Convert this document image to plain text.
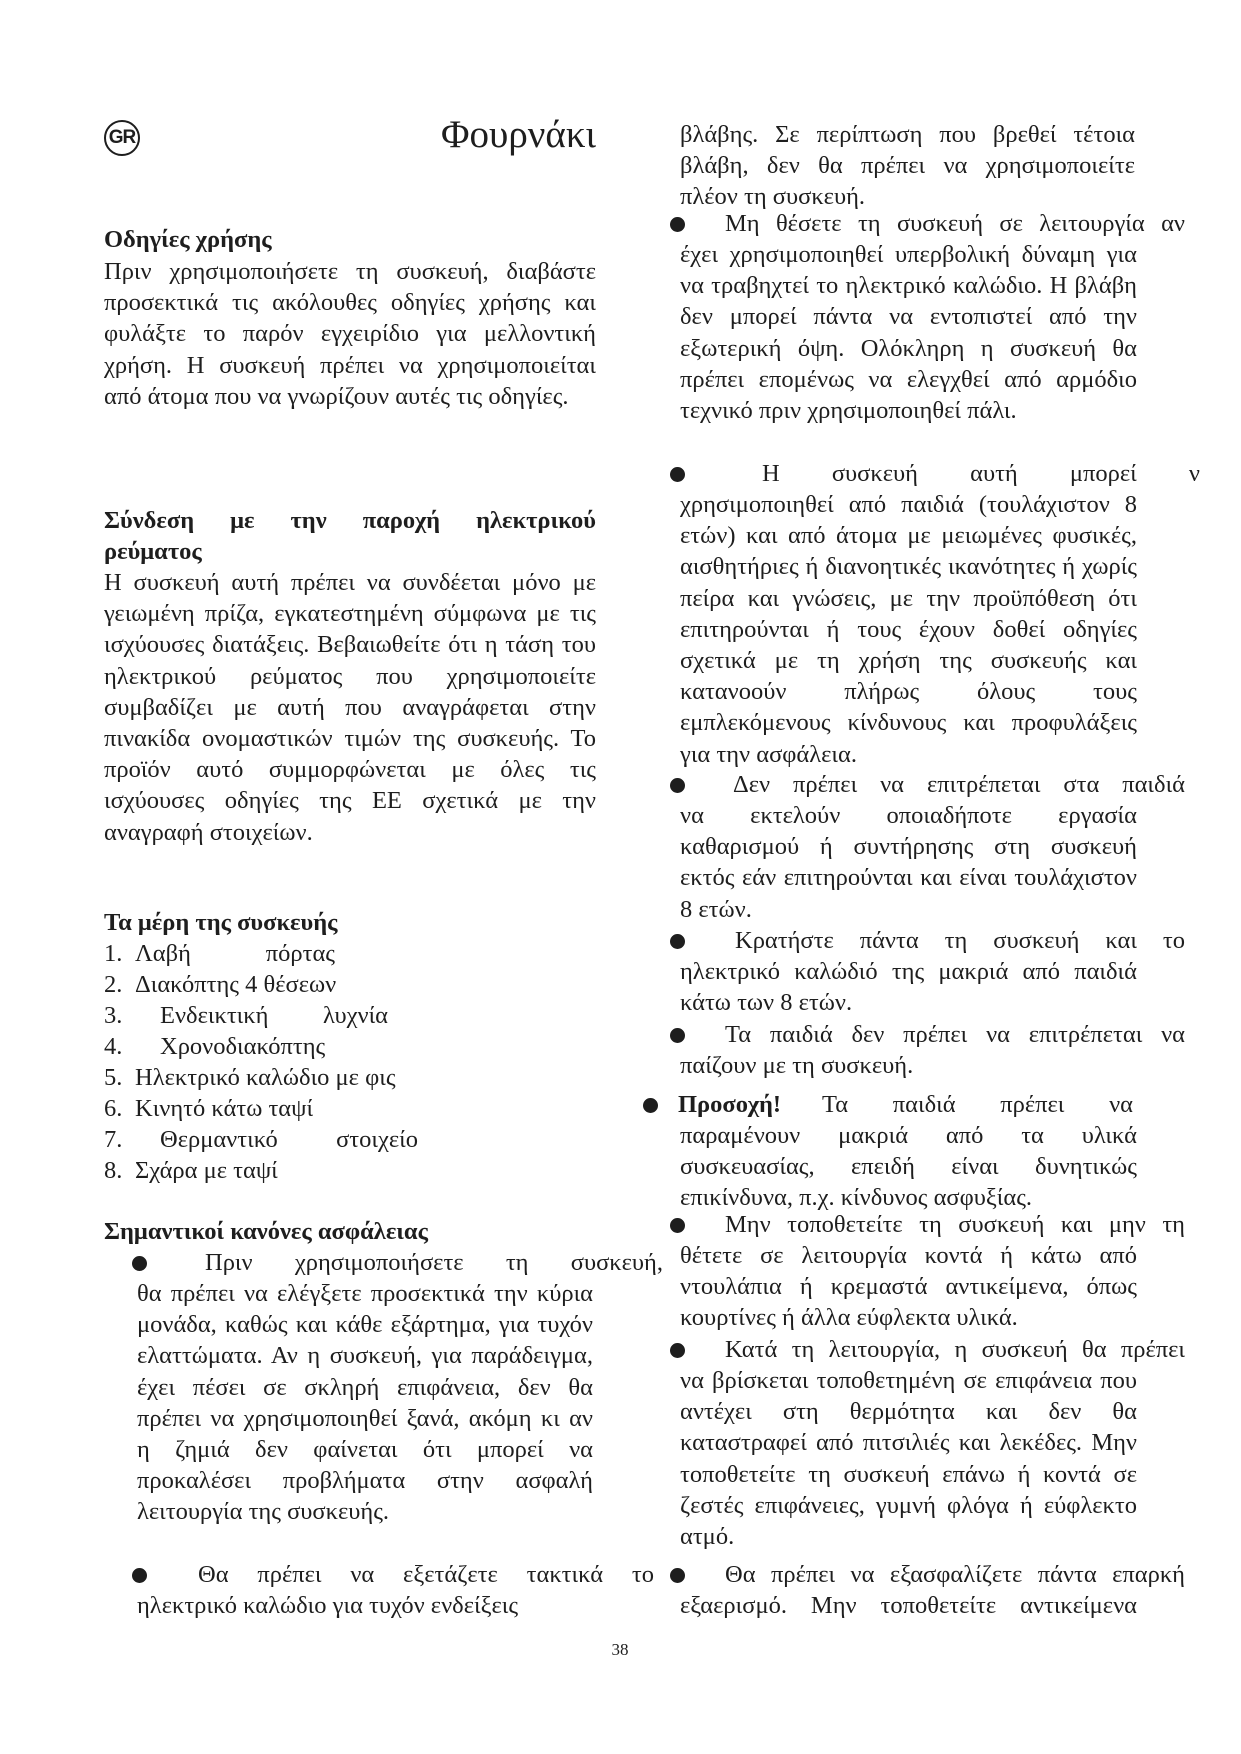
GR	Φουρνάκι
Οδηγίες χρήσης
Πριν χρησιμοποιήσετε τη συσκευή, διαβάστε προσεκτικά τις ακόλουθες οδηγίες χρήσης και φυλάξτε το παρόν εγχειρίδιο για μελλοντική χρήση. Η συσκευή πρέπει να χρησιμοποιείται από άτομα που να γνωρίζουν αυτές τις οδηγίες.
Σύνδεση με την παροχή ηλεκτρικού
ρεύματος
Η συσκευή αυτή πρέπει να συνδέεται μόνο με γειωμένη πρίζα, εγκατεστημένη σύμφωνα με τις ισχύουσες διατάξεις. Βεβαιωθείτε ότι η τάση του ηλεκτρικού ρεύματος που χρησιμοποιείτε συμβαδίζει με αυτή που αναγράφεται στην πινακίδα ονομαστικών τιμών της συσκευής. Το προϊόν αυτό συμμορφώνεται με όλες τις ισχύουσες οδηγίες της ΕΕ σχετικά με την αναγραφή στοιχείων.
Τα μέρη της συσκευής
1. Λαβή πόρτας
2. Διακόπτης 4 θέσεων
3. Ενδεικτική λυχνία
4. Χρονοδιακόπτης
5. Ηλεκτρικό καλώδιο με φις
6. Κινητό κάτω ταψί
7. Θερμαντικό στοιχείο
8. Σχάρα με ταψί
Σημαντικοί κανόνες ασφάλειας
Πριν χρησιμοποιήσετε τη συσκευή,
θα πρέπει να ελέγξετε προσεκτικά την κύρια μονάδα, καθώς και κάθε εξάρτημα, για τυχόν ελαττώματα. Αν η συσκευή, για παράδειγμα, έχει πέσει σε σκληρή επιφάνεια, δεν θα πρέπει να χρησιμοποιηθεί ξανά, ακόμη κι αν η ζημιά δεν φαίνεται ότι μπορεί να προκαλέσει προβλήματα στην ασφαλή λειτουργία της συσκευής.
Θα πρέπει να εξετάζετε τακτικά το
ηλεκτρικό καλώδιο για τυχόν ενδείξεις
βλάβης. Σε περίπτωση που βρεθεί τέτοια βλάβη, δεν θα πρέπει να χρησιμοποιείτε πλέον τη συσκευή.
Μη θέσετε τη συσκευή σε λειτουργία αν
έχει χρησιμοποιηθεί υπερβολική δύναμη για να τραβηχτεί το ηλεκτρικό καλώδιο. Η βλάβη δεν μπορεί πάντα να εντοπιστεί από την εξωτερική όψη. Ολόκληρη η συσκευή θα πρέπει επομένως να ελεγχθεί από αρμόδιο τεχνικό πριν χρησιμοποιηθεί πάλι.
Η συσκευή αυτή μπορεί ν
χρησιμοποιηθεί από παιδιά (τουλάχιστον 8 ετών) και από άτομα με μειωμένες φυσικές, αισθητήριες ή διανοητικές ικανότητες ή χωρίς πείρα και γνώσεις, με την προϋπόθεση ότι επιτηρούνται ή τους έχουν δοθεί οδηγίες σχετικά με τη χρήση της συσκευής και κατανοούν πλήρως όλους τους εμπλεκόμενους κίνδυνους και προφυλάξεις για την ασφάλεια.
Δεν πρέπει να επιτρέπεται στα παιδιά
να εκτελούν οποιαδήποτε εργασία καθαρισμού ή συντήρησης στη συσκευή εκτός εάν επιτηρούνται και είναι τουλάχιστον 8 ετών.
Κρατήστε πάντα τη συσκευή και το
ηλεκτρικό καλώδιό της μακριά από παιδιά κάτω των 8 ετών.
Τα παιδιά δεν πρέπει να επιτρέπεται να
παίζουν με τη συσκευή.
Προσοχή! Τα παιδιά πρέπει να
παραμένουν μακριά από τα υλικά συσκευασίας, επειδή είναι δυνητικώς επικίνδυνα, π.χ. κίνδυνος ασφυξίας.
Μην τοποθετείτε τη συσκευή και μην τη
θέτετε σε λειτουργία κοντά ή κάτω από ντουλάπια ή κρεμαστά αντικείμενα, όπως κουρτίνες ή άλλα εύφλεκτα υλικά.
Κατά τη λειτουργία, η συσκευή θα πρέπει
να βρίσκεται τοποθετημένη σε επιφάνεια που αντέχει στη θερμότητα και δεν θα καταστραφεί από πιτσιλιές και λεκέδες. Μην τοποθετείτε τη συσκευή επάνω ή κοντά σε ζεστές επιφάνειες, γυμνή φλόγα ή εύφλεκτο ατμό.
Θα πρέπει να εξασφαλίζετε πάντα επαρκή
εξαερισμό. Μην τοποθετείτε αντικείμενα
38
